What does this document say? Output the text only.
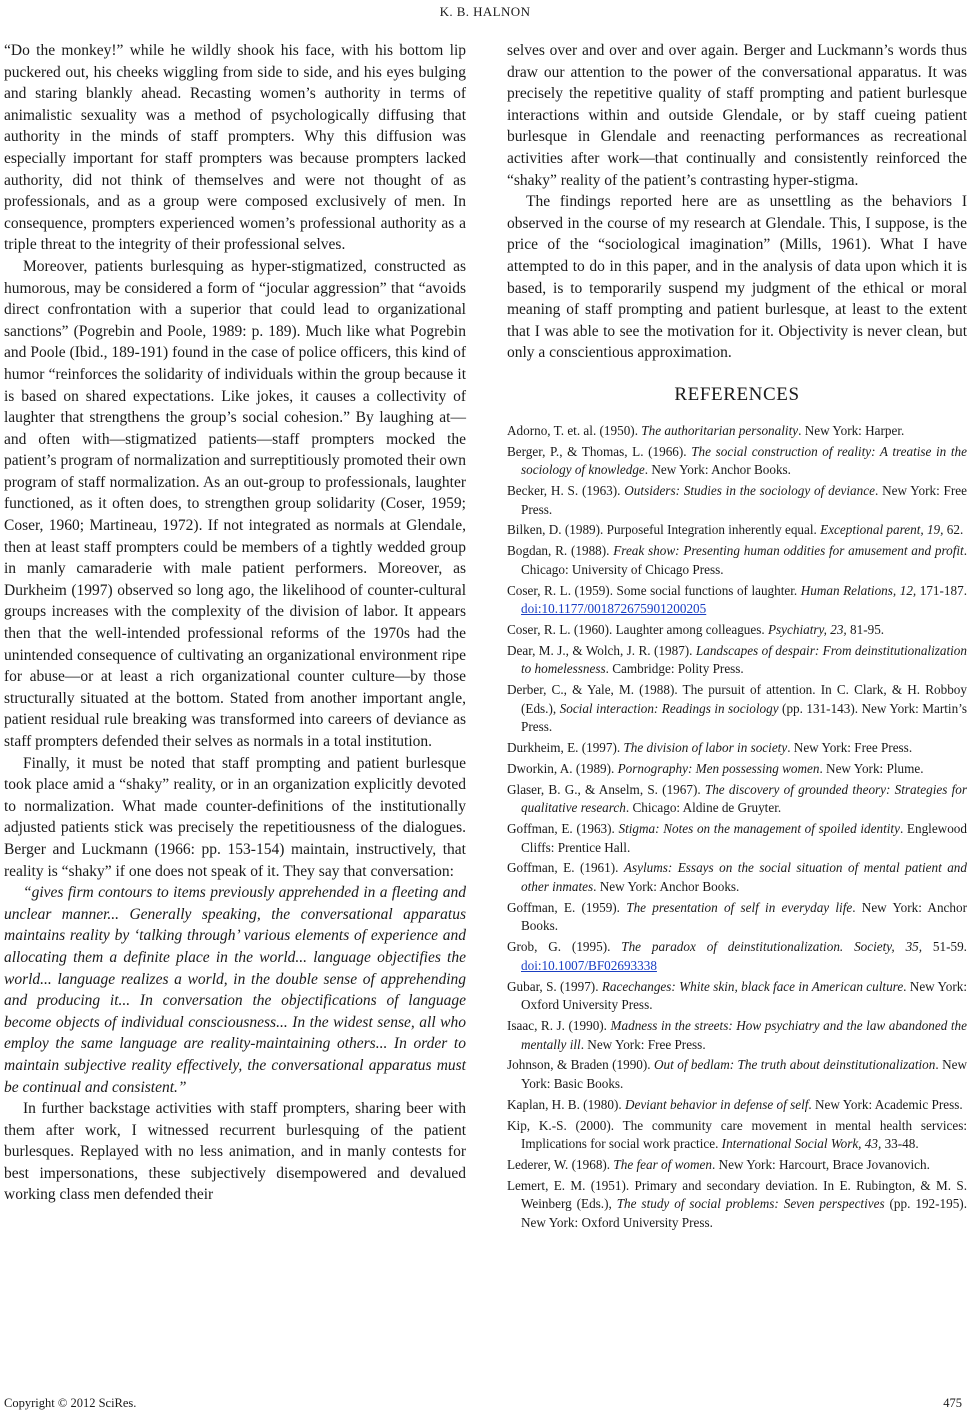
K. B. HALNON

“Do the monkey!” while he wildly shook his face, with his bottom lip puckered out, his cheeks wiggling from side to side, and his eyes bulging and staring blankly ahead. Recasting women’s authority in terms of animalistic sexuality was a method of psychologically diffusing that authority in the minds of staff prompters. Why this diffusion was especially important for staff prompters was because prompters lacked authority, did not think of themselves and were not thought of as professionals, and as a group were composed exclusively of men. In consequence, prompters experienced women’s professional authority as a triple threat to the integrity of their professional selves.

Moreover, patients burlesquing as hyper-stigmatized, constructed as humorous, may be considered a form of “jocular aggression” that “avoids direct confrontation with a superior that could lead to organizational sanctions” (Pogrebin and Poole, 1989: p. 189). Much like what Pogrebin and Poole (Ibid., 189-191) found in the case of police officers, this kind of humor “reinforces the solidarity of individuals within the group because it is based on shared expectations. Like jokes, it causes a collectivity of laughter that strengthens the group’s social cohesion.” By laughing at—and often with—stigmatized patients—staff prompters mocked the patient’s program of normalization and surreptitiously promoted their own program of staff normalization. As an out-group to professionals, laughter functioned, as it often does, to strengthen group solidarity (Coser, 1959; Coser, 1960; Martineau, 1972). If not integrated as normals at Glendale, then at least staff prompters could be members of a tightly wedded group in manly camaraderie with male patient performers. Moreover, as Durkheim (1997) observed so long ago, the likelihood of counter-cultural groups increases with the complexity of the division of labor. It appears then that the well-intended professional reforms of the 1970s had the unintended consequence of cultivating an organizational environment ripe for abuse—or at least a rich organizational counter culture—by those structurally situated at the bottom. Stated from another important angle, patient residual rule breaking was transformed into careers of deviance as staff prompters defended their selves as normals in a total institution.

Finally, it must be noted that staff prompting and patient burlesque took place amid a “shaky” reality, or in an organization explicitly devoted to normalization. What made counter-definitions of the institutionally adjusted patients stick was precisely the repetitiousness of the dialogues. Berger and Luckmann (1966: pp. 153-154) maintain, instructively, that reality is “shaky” if one does not speak of it. They say that conversation:

“gives firm contours to items previously apprehended in a fleeting and unclear manner... Generally speaking, the conversational apparatus maintains reality by ‘talking through’ various elements of experience and allocating them a definite place in the world... language objectifies the world... language realizes a world, in the double sense of apprehending and producing it... In conversation the objectifications of language become objects of individual consciousness... In the widest sense, all who employ the same language are reality-maintaining others... In order to maintain subjective reality effectively, the conversational apparatus must be continual and consistent.”

In further backstage activities with staff prompters, sharing beer with them after work, I witnessed recurrent burlesquing of the patient burlesques. Replayed with no less animation, and in manly contests for best impersonations, these subjectively disempowered and devalued working class men defended their

selves over and over and over again. Berger and Luckmann’s words thus draw our attention to the power of the conversational apparatus. It was precisely the repetitive quality of staff prompting and patient burlesque interactions within and outside Glendale, or by staff cueing patient burlesque in Glendale and reenacting performances as recreational activities after work—that continually and consistently reinforced the “shaky” reality of the patient’s contrasting hyper-stigma.

The findings reported here are as unsettling as the behaviors I observed in the course of my research at Glendale. This, I suppose, is the price of the “sociological imagination” (Mills, 1961). What I have attempted to do in this paper, and in the analysis of data upon which it is based, is to temporarily suspend my judgment of the ethical or moral meaning of staff prompting and patient burlesque, at least to the extent that I was able to see the motivation for it. Objectivity is never clean, but only a conscientious approximation.

REFERENCES
Adorno, T. et. al. (1950). The authoritarian personality. New York: Harper.
Berger, P., & Thomas, L. (1966). The social construction of reality: A treatise in the sociology of knowledge. New York: Anchor Books.
Becker, H. S. (1963). Outsiders: Studies in the sociology of deviance. New York: Free Press.
Bilken, D. (1989). Purposeful Integration inherently equal. Exceptional parent, 19, 62.
Bogdan, R. (1988). Freak show: Presenting human oddities for amusement and profit. Chicago: University of Chicago Press.
Coser, R. L. (1959). Some social functions of laughter. Human Relations, 12, 171-187. doi:10.1177/001872675901200205
Coser, R. L. (1960). Laughter among colleagues. Psychiatry, 23, 81-95.
Dear, M. J., & Wolch, J. R. (1987). Landscapes of despair: From deinstitutionalization to homelessness. Cambridge: Polity Press.
Derber, C., & Yale, M. (1988). The pursuit of attention. In C. Clark, & H. Robboy (Eds.), Social interaction: Readings in sociology (pp. 131-143). New York: Martin’s Press.
Durkheim, E. (1997). The division of labor in society. New York: Free Press.
Dworkin, A. (1989). Pornography: Men possessing women. New York: Plume.
Glaser, B. G., & Anselm, S. (1967). The discovery of grounded theory: Strategies for qualitative research. Chicago: Aldine de Gruyter.
Goffman, E. (1963). Stigma: Notes on the management of spoiled identity. Englewood Cliffs: Prentice Hall.
Goffman, E. (1961). Asylums: Essays on the social situation of mental patient and other inmates. New York: Anchor Books.
Goffman, E. (1959). The presentation of self in everyday life. New York: Anchor Books.
Grob, G. (1995). The paradox of deinstitutionalization. Society, 35, 51-59. doi:10.1007/BF02693338
Gubar, S. (1997). Racechanges: White skin, black face in American culture. New York: Oxford University Press.
Isaac, R. J. (1990). Madness in the streets: How psychiatry and the law abandoned the mentally ill. New York: Free Press.
Johnson, & Braden (1990). Out of bedlam: The truth about deinstitutionalization. New York: Basic Books.
Kaplan, H. B. (1980). Deviant behavior in defense of self. New York: Academic Press.
Kip, K.-S. (2000). The community care movement in mental health services: Implications for social work practice. International Social Work, 43, 33-48.
Lederer, W. (1968). The fear of women. New York: Harcourt, Brace Jovanovich.
Lemert, E. M. (1951). Primary and secondary deviation. In E. Rubington, & M. S. Weinberg (Eds.), The study of social problems: Seven perspectives (pp. 192-195). New York: Oxford University Press.
Copyright © 2012 SciRes.	475
